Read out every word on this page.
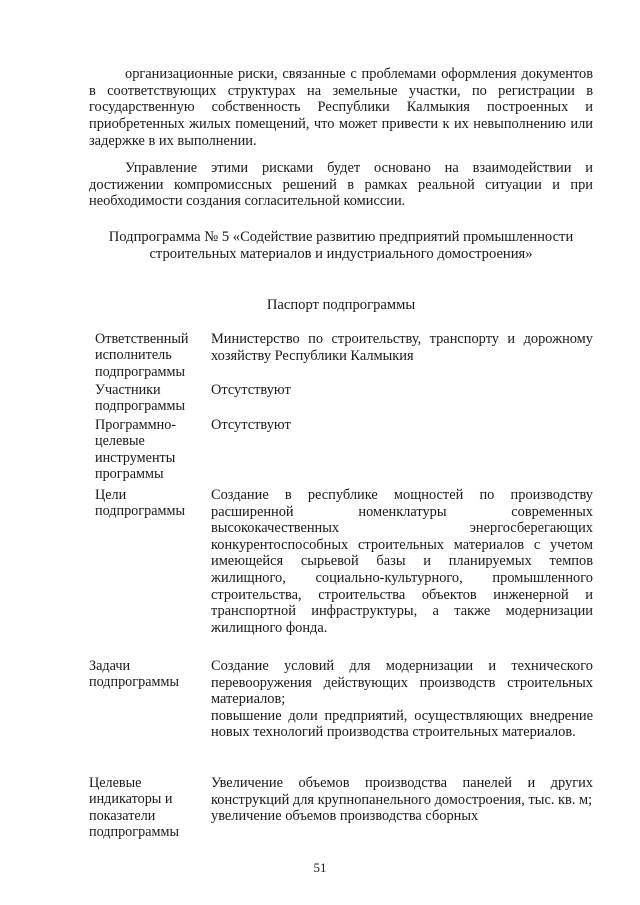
организационные риски, связанные с проблемами оформления документов в соответствующих структурах на земельные участки, по регистрации в государственную собственность Республики Калмыкия построенных и приобретенных жилых помещений, что может привести к их невыполнению или задержке в их выполнении.

Управление этими рисками будет основано на взаимодействии и достижении компромиссных решений в рамках реальной ситуации и при необходимости создания согласительной комиссии.

Подпрограмма № 5 «Содействие развитию предприятий промышленности строительных материалов и индустриального домостроения»

Паспорт подпрограммы

Ответственный исполнитель подпрограммы
Министерство по строительству, транспорту и дорожному хозяйству Республики Калмыкия
Участники подпрограммы
Отсутствуют
Программно-целевые инструменты программы
Отсутствуют
Цели подпрограммы
Создание в республике мощностей по производству расширенной номенклатуры современных высококачественных энергосберегающих конкурентоспособных строительных материалов с учетом имеющейся сырьевой базы и планируемых темпов жилищного, социально-культурного, промышленного строительства, строительства объектов инженерной и транспортной инфраструктуры, а также модернизации жилищного фонда.
Задачи подпрограммы
Создание условий для модернизации и технического перевооружения действующих производств строительных материалов;
повышение доли предприятий, осуществляющих внедрение новых технологий производства строительных материалов.
Целевые индикаторы и показатели подпрограммы
Увеличение объемов производства панелей и других конструкций для крупнопанельного домостроения, тыс. кв. м;
увеличение объемов производства сборных
51
